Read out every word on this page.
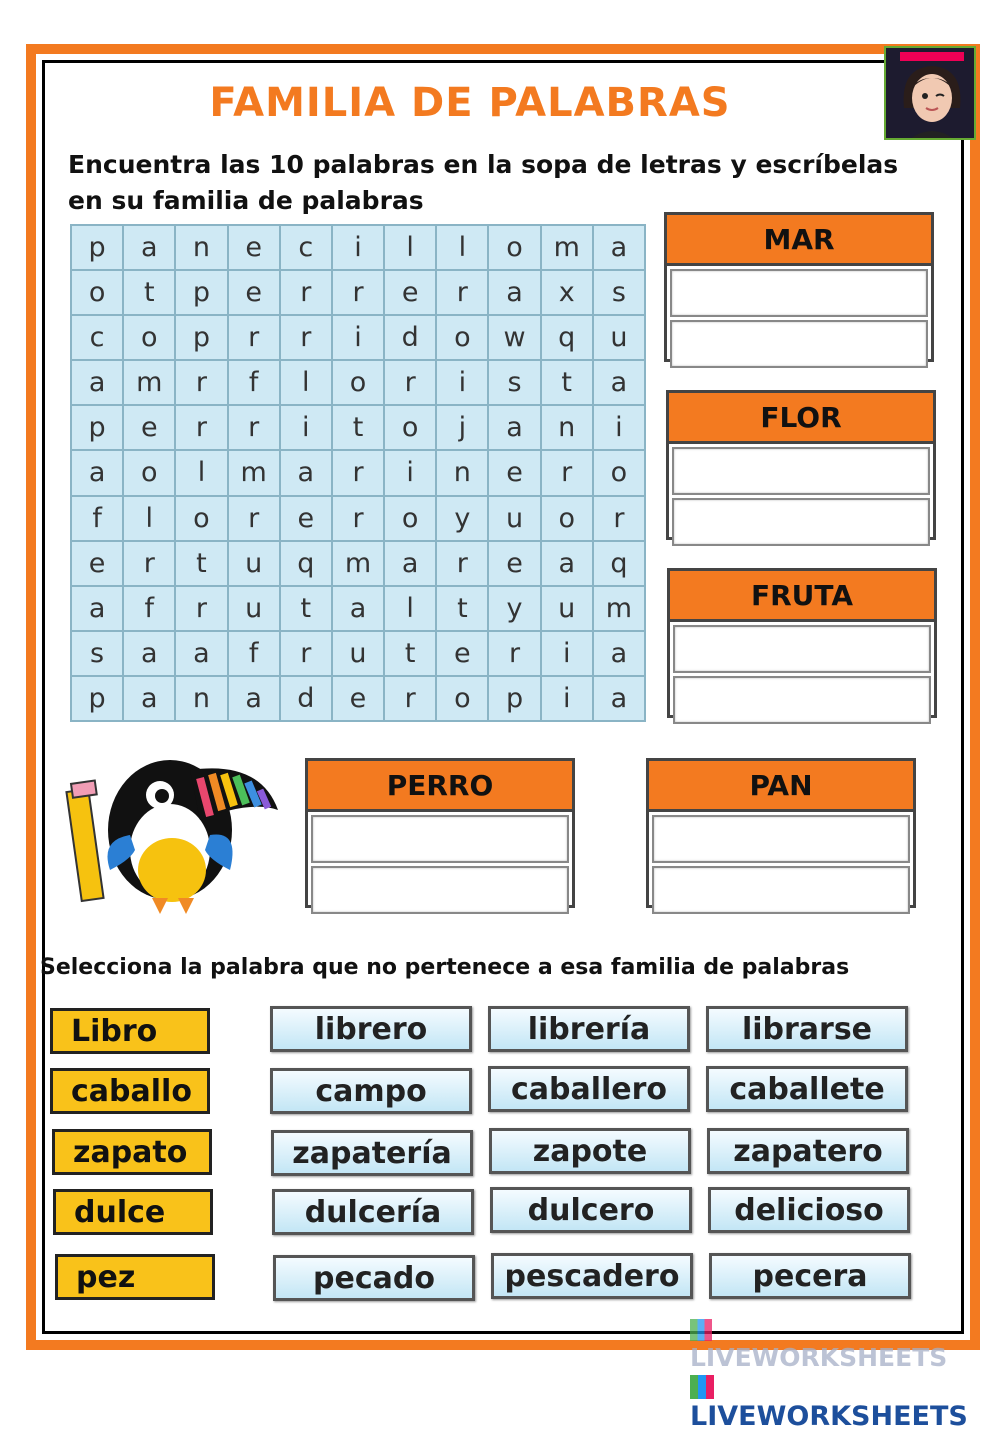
FAMILIA DE PALABRAS
Encuentra las 10 palabras en la sopa de letras y escríbelas
en su familia de palabras
p	a	n	e	c	i	l	l	o	m	a
o	t	p	e	r	r	e	r	a	x	s
c	o	p	r	r	i	d	o	w	q	u
a	m	r	f	l	o	r	i	s	t	a
p	e	r	r	i	t	o	j	a	n	i
a	o	l	m	a	r	i	n	e	r	o
f	l	o	r	e	r	o	y	u	o	r
e	r	t	u	q	m	a	r	e	a	q
a	f	r	u	t	a	l	t	y	u	m
s	a	a	f	r	u	t	e	r	i	a
p	a	n	a	d	e	r	o	p	i	a
MAR
FLOR
FRUTA
PERRO	PAN
Selecciona la palabra que no pertenece a esa familia de palabras
Libro
caballo
zapato
dulce
pez
librero	librería	librarse
campo	caballero	caballete
zapatería	zapote	zapatero
dulcería	dulcero	delicioso
pecado	pescadero	pecera
LIVEWORKSHEETS
LIVEWORKSHEETS
